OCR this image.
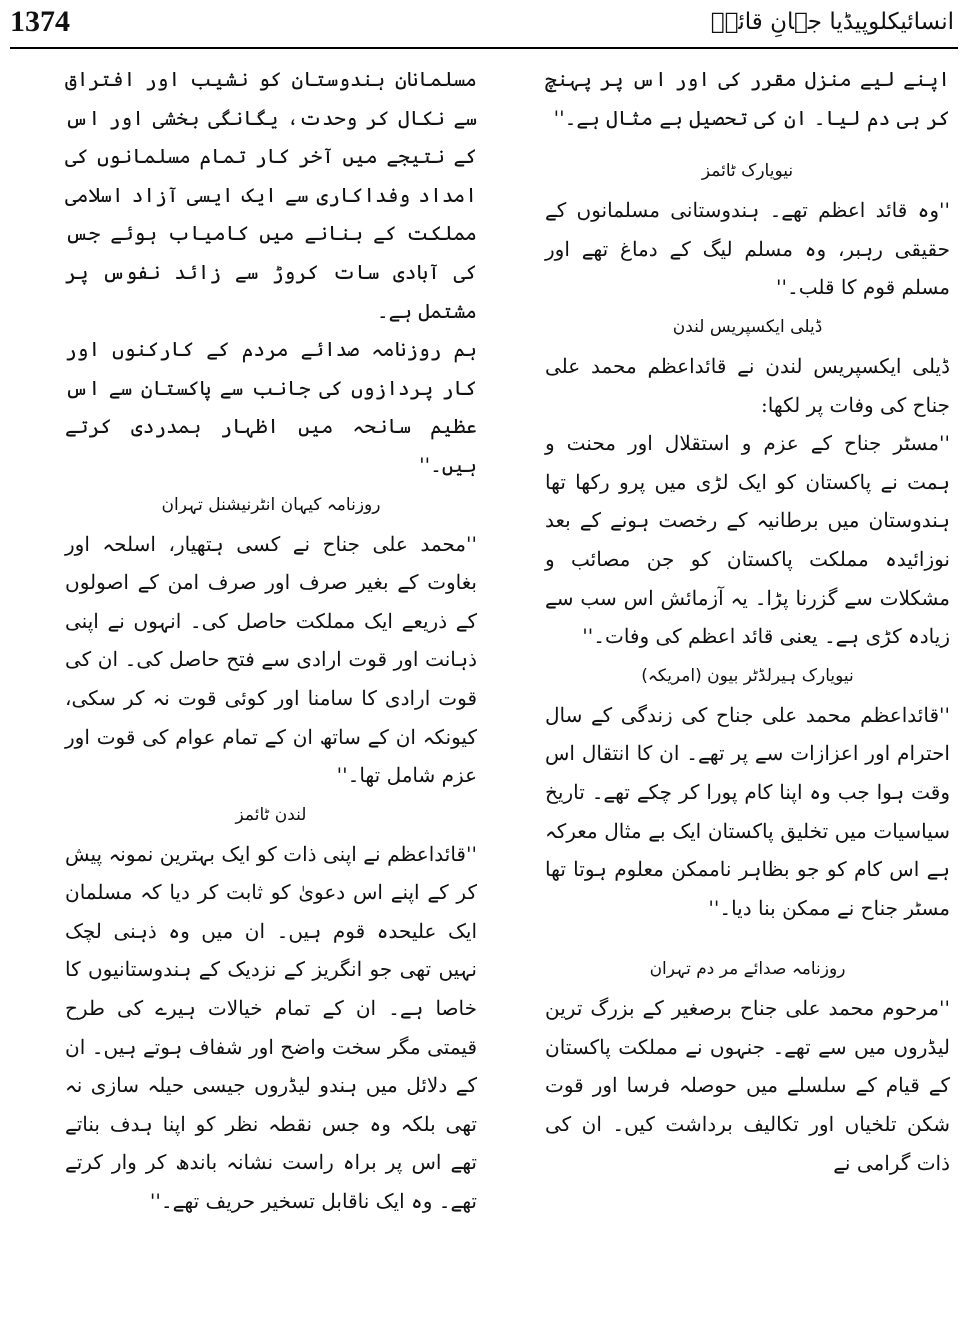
1374	انسائیکلوپیڈیا جہانِ قائدؒ

اپنے لیے منزل مقرر کی اور اس پر پہنچ کر ہی دم لیا۔ ان کی تحصیل بے مثال ہے۔''

نیویارک ٹائمز

''وہ قائد اعظم تھے۔ ہندوستانی مسلمانوں کے حقیقی رہبر، وہ مسلم لیگ کے دماغ تھے اور مسلم قوم کا قلب۔''

ڈیلی ایکسپریس لندن

ڈیلی ایکسپریس لندن نے قائداعظم محمد علی جناح کی وفات پر لکھا:

''مسٹر جناح کے عزم و استقلال اور محنت و ہمت نے پاکستان کو ایک لڑی میں پرو رکھا تھا ہندوستان میں برطانیہ کے رخصت ہونے کے بعد نوزائیدہ مملکت پاکستان کو جن مصائب و مشکلات سے گزرنا پڑا۔ یہ آزمائش اس سب سے زیادہ کڑی ہے۔ یعنی قائد اعظم کی وفات۔''

نیویارک ہیرلڈٹر بیون (امریکہ)

''قائداعظم محمد علی جناح کی زندگی کے سال احترام اور اعزازات سے پر تھے۔ ان کا انتقال اس وقت ہوا جب وہ اپنا کام پورا کر چکے تھے۔ تاریخ سیاسیات میں تخلیق پاکستان ایک بے مثال معرکہ ہے اس کام کو جو بظاہر ناممکن معلوم ہوتا تھا مسٹر جناح نے ممکن بنا دیا۔''

روزنامہ صدائے مر دم تہران

''مرحوم محمد علی جناح برصغیر کے بزرگ ترین لیڈروں میں سے تھے۔ جنہوں نے مملکت پاکستان کے قیام کے سلسلے میں حوصلہ فرسا اور قوت شکن تلخیاں اور تکالیف برداشت کیں۔ ان کی ذات گرامی نے

مسلمانان ہندوستان کو نشیب اور افتراق سے نکال کر وحدت، یگانگی بخشی اور اس کے نتیجے میں آخر کار تمام مسلمانوں کی امداد وفداکاری سے ایک ایسی آزاد اسلامی مملکت کے بنانے میں کامیاب ہوئے جس کی آبادی سات کروڑ سے زائد نفوس پر مشتمل ہے۔

ہم روزنامہ صدائے مردم کے کارکنوں اور کار پردازوں کی جانب سے پاکستان سے اس عظیم سانحہ میں اظہار ہمدردی کرتے ہیں۔''

روزنامہ کیہان انٹرنیشنل تہران

''محمد علی جناح نے کسی ہتھیار، اسلحہ اور بغاوت کے بغیر صرف اور صرف امن کے اصولوں کے ذریعے ایک مملکت حاصل کی۔ انہوں نے اپنی ذہانت اور قوت ارادی سے فتح حاصل کی۔ ان کی قوت ارادی کا سامنا اور کوئی قوت نہ کر سکی، کیونکہ ان کے ساتھ ان کے تمام عوام کی قوت اور عزم شامل تھا۔''

لندن ٹائمز

''قائداعظم نے اپنی ذات کو ایک بہترین نمونہ پیش کر کے اپنے اس دعویٰ کو ثابت کر دیا کہ مسلمان ایک علیحدہ قوم ہیں۔ ان میں وہ ذہنی لچک نہیں تھی جو انگریز کے نزدیک کے ہندوستانیوں کا خاصا ہے۔ ان کے تمام خیالات ہیرے کی طرح قیمتی مگر سخت واضح اور شفاف ہوتے ہیں۔ ان کے دلائل میں ہندو لیڈروں جیسی حیلہ سازی نہ تھی بلکہ وہ جس نقطہ نظر کو اپنا ہدف بناتے تھے اس پر براہ راست نشانہ باندھ کر وار کرتے تھے۔ وہ ایک ناقابل تسخیر حریف تھے۔''
